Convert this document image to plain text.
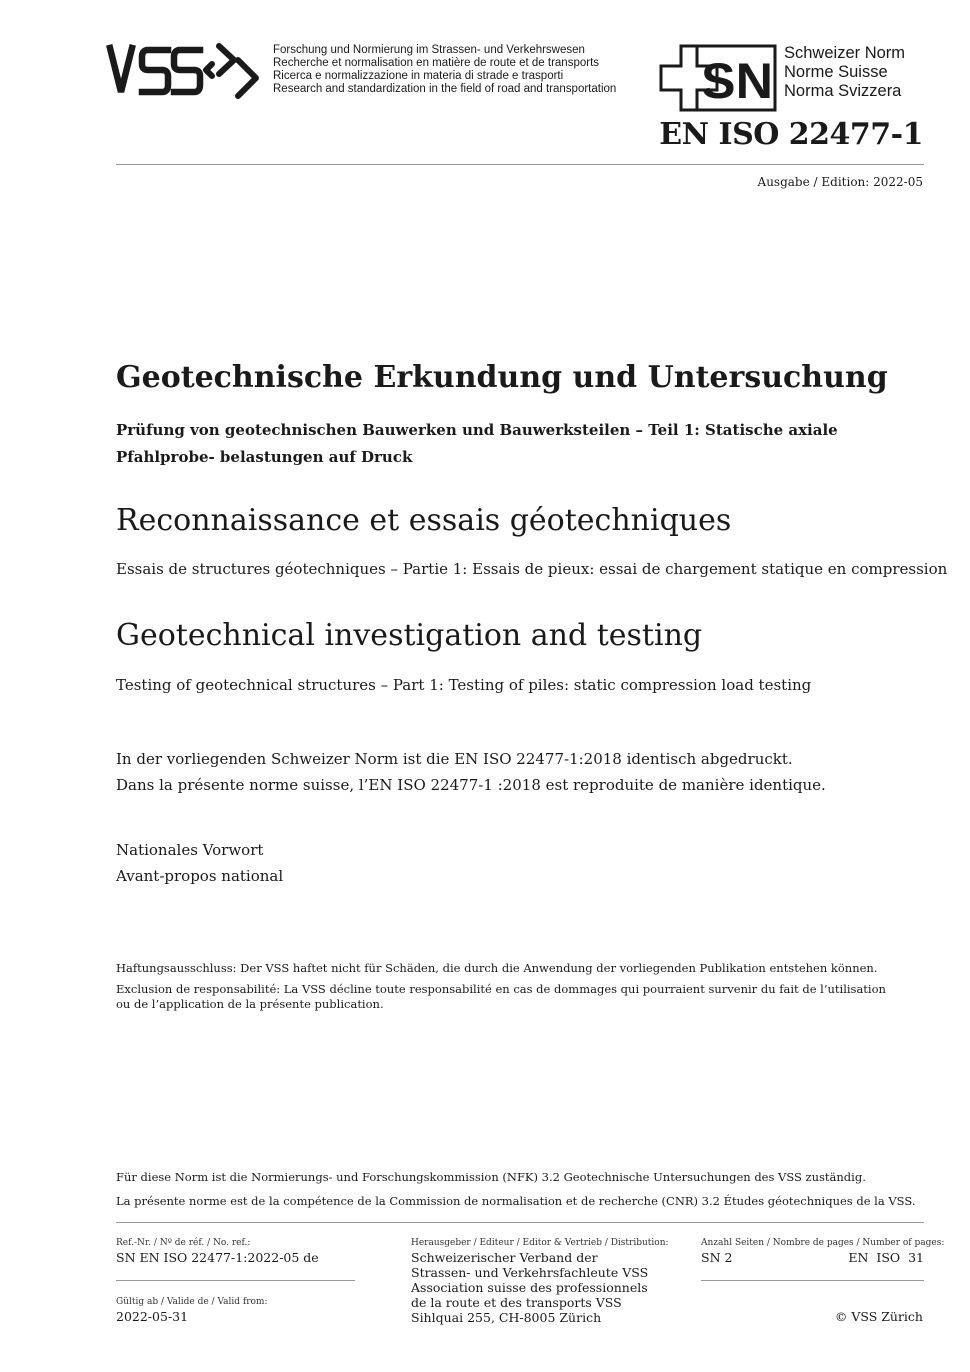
Forschung und Normierung im Strassen- und Verkehrswesen
Recherche et normalisation en matière de route et de transports
Ricerca e normalizzazione in materia di strade e trasporti
Research and standardization in the field of road and transportation SN Schweizer Norm
Norme Suisse
Norma Svizzera
EN ISO 22477-1
Ausgabe / Edition: 2022-05
Geotechnische Erkundung und Untersuchung
Prüfung von geotechnischen Bauwerken und Bauwerksteilen – Teil 1: Statische axiale Pfahlprobe- belastungen auf Druck
Reconnaissance et essais géotechniques
Essais de structures géotechniques – Partie 1: Essais de pieux: essai de chargement statique en compression
Geotechnical investigation and testing
Testing of geotechnical structures – Part 1: Testing of piles: static compression load testing
In der vorliegenden Schweizer Norm ist die EN ISO 22477-1:2018 identisch abgedruckt.
Dans la présente norme suisse, l’EN ISO 22477-1 :2018 est reproduite de manière identique.
Nationales Vorwort
Avant-propos national
Haftungsausschluss: Der VSS haftet nicht für Schäden, die durch die Anwendung der vorliegenden Publikation entstehen können.
Exclusion de responsabilité: La VSS décline toute responsabilité en cas de dommages qui pourraient survenir du fait de l’utilisation
ou de l’application de la présente publication.
Für diese Norm ist die Normierungs- und Forschungskommission (NFK) 3.2 Geotechnische Untersuchungen des VSS zuständig.
La présente norme est de la compétence de la Commission de normalisation et de recherche (CNR) 3.2 Études géotechniques de la VSS.
Ref.-Nr. / Nº de réf. / No. ref.:
SN EN ISO 22477-1:2022-05 de
Gültig ab / Valide de / Valid from:
2022-05-31
Herausgeber / Editeur / Editor & Vertrieb / Distribution:
Schweizerischer Verband der
Strassen- und Verkehrsfachleute VSS
Association suisse des professionnels
de la route et des transports VSS
Sihlquai 255, CH-8005 Zürich
Anzahl Seiten / Nombre de pages / Number of pages:
SN 2	EN  ISO  31
© VSS Zürich
